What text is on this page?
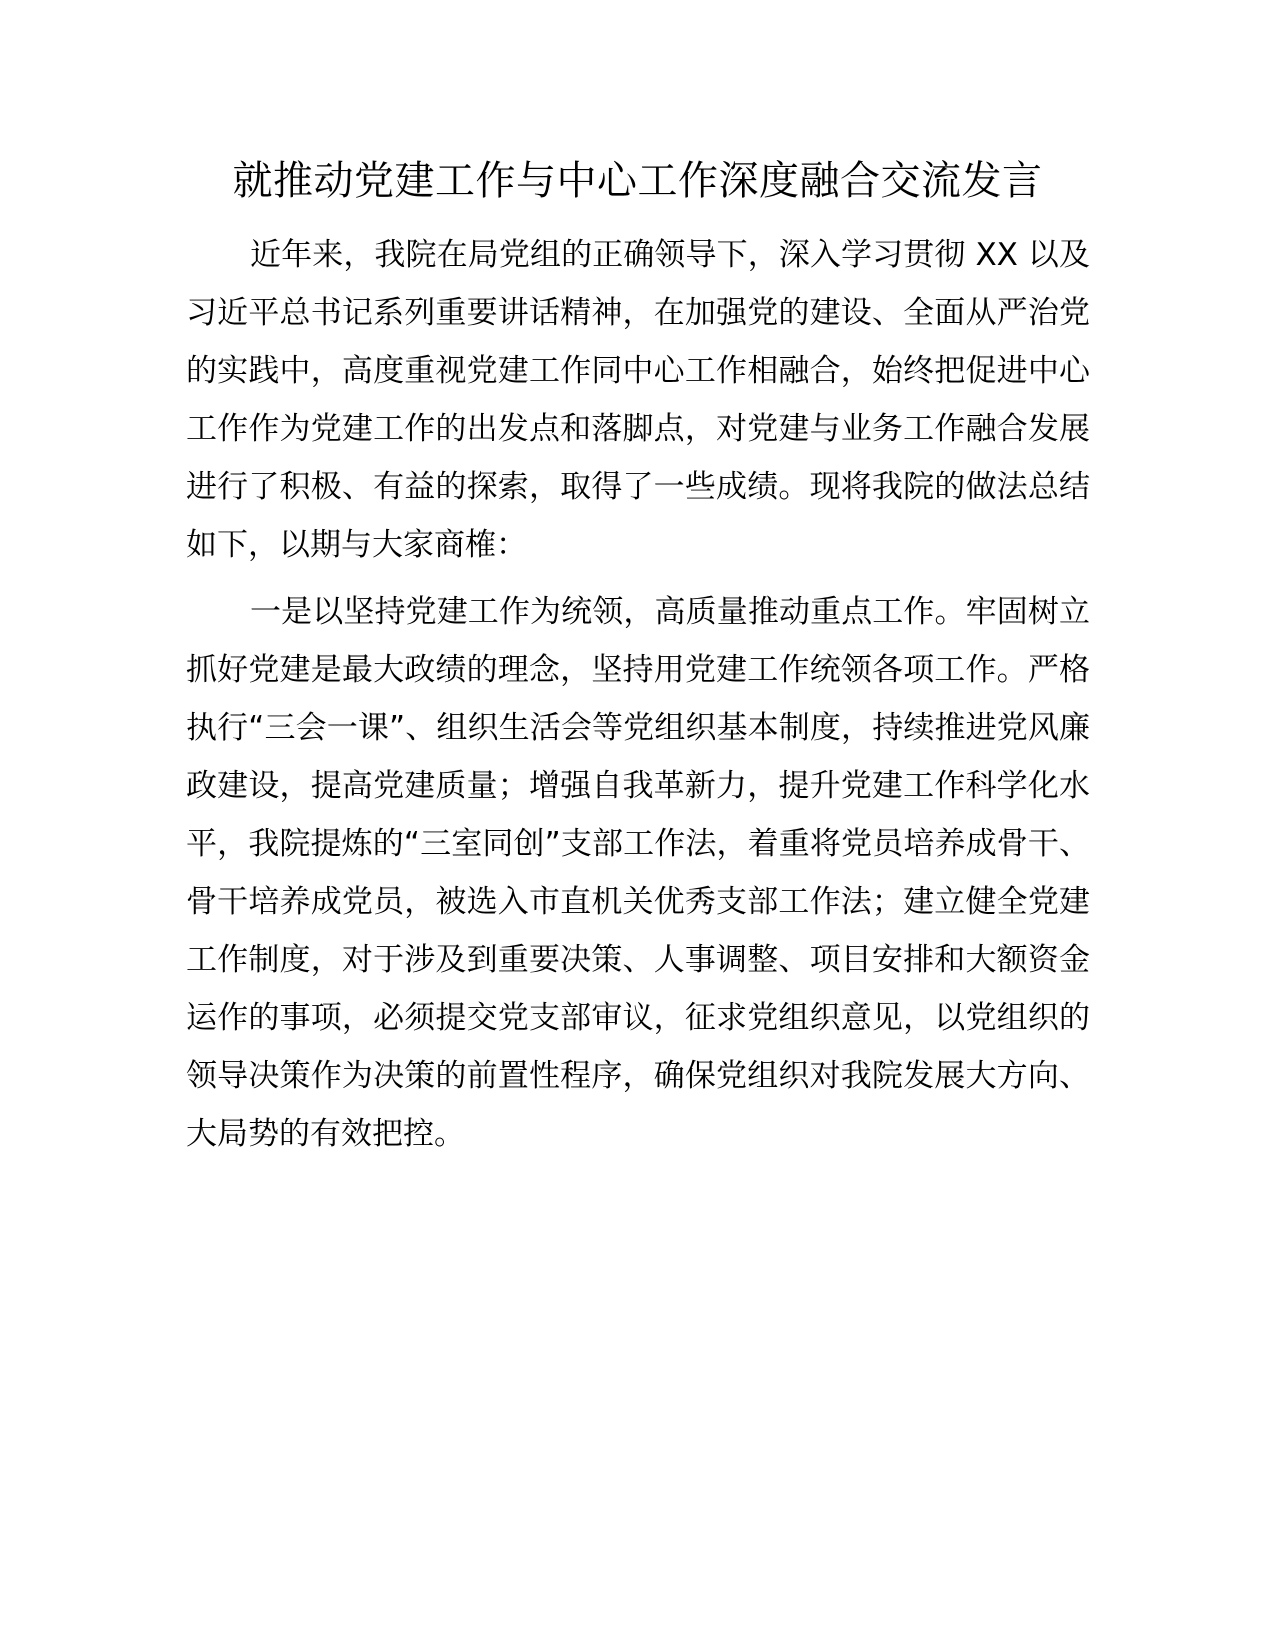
就推动党建工作与中心工作深度融合交流发言

近年来，我院在局党组的正确领导下，深入学习贯彻 XX 以及习近平总书记系列重要讲话精神，在加强党的建设、全面从严治党的实践中，高度重视党建工作同中心工作相融合，始终把促进中心工作作为党建工作的出发点和落脚点，对党建与业务工作融合发展进行了积极、有益的探索，取得了一些成绩。现将我院的做法总结如下，以期与大家商榷：

一是以坚持党建工作为统领，高质量推动重点工作。牢固树立抓好党建是最大政绩的理念，坚持用党建工作统领各项工作。严格执行“三会一课”、组织生活会等党组织基本制度，持续推进党风廉政建设，提高党建质量；增强自我革新力，提升党建工作科学化水平，我院提炼的“三室同创”支部工作法，着重将党员培养成骨干、骨干培养成党员，被选入市直机关优秀支部工作法；建立健全党建工作制度，对于涉及到重要决策、人事调整、项目安排和大额资金运作的事项，必须提交党支部审议，征求党组织意见，以党组织的领导决策作为决策的前置性程序，确保党组织对我院发展大方向、大局势的有效把控。
